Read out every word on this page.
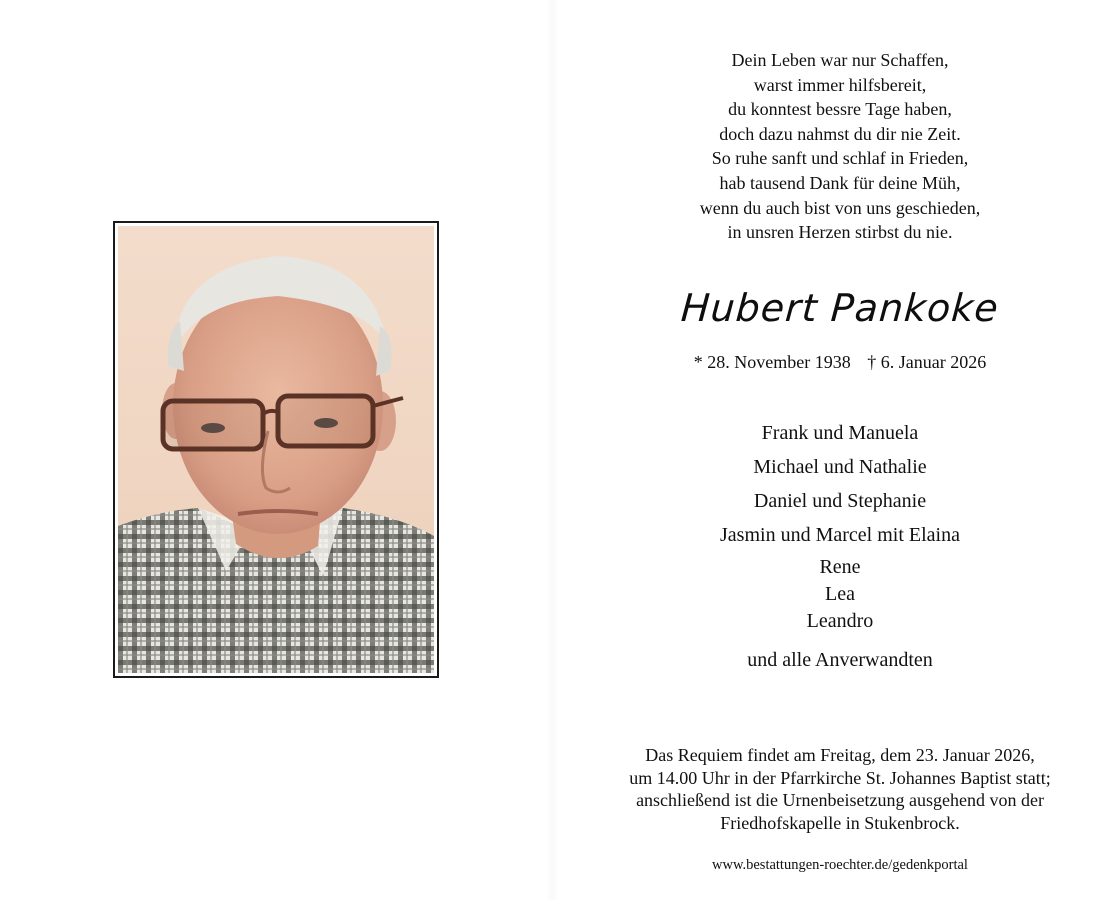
Dein Leben war nur Schaffen,
warst immer hilfsbereit,
du konntest bessre Tage haben,
doch dazu nahmst du dir nie Zeit.
So ruhe sanft und schlaf in Frieden,
hab tausend Dank für deine Müh,
wenn du auch bist von uns geschieden,
in unsren Herzen stirbst du nie.
Hubert Pankoke
* 28. November 1938 † 6. Januar 2026
Frank und Manuela
Michael und Nathalie
Daniel und Stephanie
Jasmin und Marcel mit Elaina
Rene
Lea
Leandro
und alle Anverwandten
Das Requiem findet am Freitag, dem 23. Januar 2026,
um 14.00 Uhr in der Pfarrkirche St. Johannes Baptist statt;
anschließend ist die Urnenbeisetzung ausgehend von der
Friedhofskapelle in Stukenbrock.
www.bestattungen-roechter.de/gedenkportal
